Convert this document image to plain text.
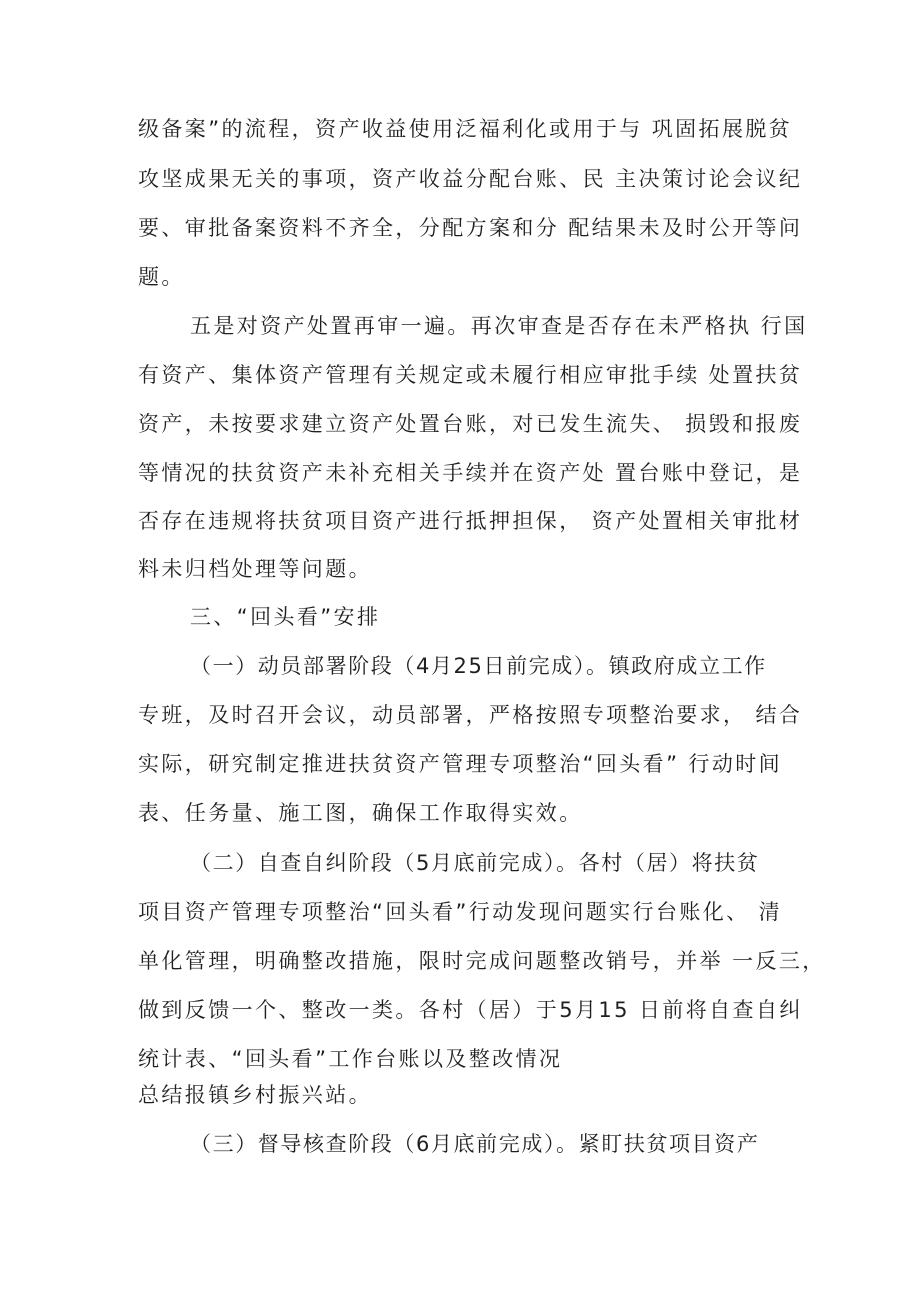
级备案”的流程，资产收益使用泛福利化或用于与 巩固拓展脱贫
攻坚成果无关的事项，资产收益分配台账、民 主决策讨论会议纪
要、审批备案资料不齐全，分配方案和分 配结果未及时公开等问
题。
五是对资产处置再审一遍。再次审查是否存在未严格执 行国
有资产、集体资产管理有关规定或未履行相应审批手续 处置扶贫
资产，未按要求建立资产处置台账，对已发生流失、 损毁和报废
等情况的扶贫资产未补充相关手续并在资产处 置台账中登记，是
否存在违规将扶贫项目资产进行抵押担保， 资产处置相关审批材
料未归档处理等问题。
三、“回头看”安排
（一）动员部署阶段（4月25日前完成）。镇政府成立工作
专班，及时召开会议，动员部署，严格按照专项整治要求， 结合
实际，研究制定推进扶贫资产管理专项整治“回头看” 行动时间
表、任务量、施工图，确保工作取得实效。
（二）自查自纠阶段（5月底前完成）。各村（居）将扶贫
项目资产管理专项整治“回头看”行动发现问题实行台账化、 清
单化管理，明确整改措施，限时完成问题整改销号，并举 一反三，
做到反馈一个、整改一类。各村（居）于5月15 日前将自查自纠
统计表、“回头看”工作台账以及整改情况
总结报镇乡村振兴站。
（三）督导核查阶段（6月底前完成）。紧盯扶贫项目资产
